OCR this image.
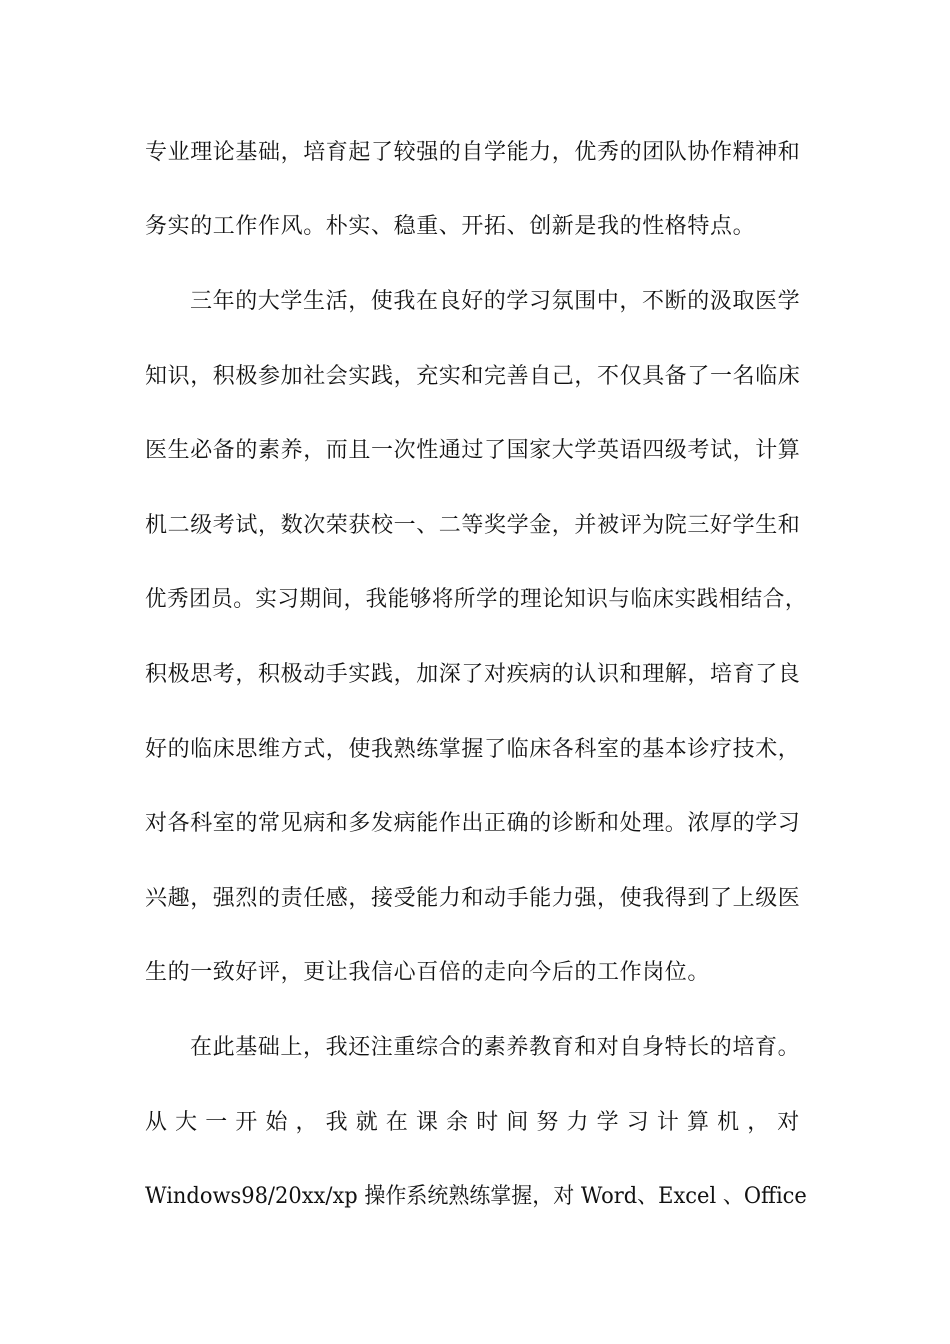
专业理论基础，培育起了较强的自学能力，优秀的团队协作精神和
务实的工作作风。朴实、稳重、开拓、创新是我的性格特点。
三年的大学生活，使我在良好的学习氛围中，不断的汲取医学
知识，积极参加社会实践，充实和完善自己，不仅具备了一名临床
医生必备的素养，而且一次性通过了国家大学英语四级考试，计算
机二级考试，数次荣获校一、二等奖学金，并被评为院三好学生和
优秀团员。实习期间，我能够将所学的理论知识与临床实践相结合，
积极思考，积极动手实践，加深了对疾病的认识和理解，培育了良
好的临床思维方式，使我熟练掌握了临床各科室的基本诊疗技术，
对各科室的常见病和多发病能作出正确的诊断和处理。浓厚的学习
兴趣，强烈的责任感，接受能力和动手能力强，使我得到了上级医
生的一致好评，更让我信心百倍的走向今后的工作岗位。
在此基础上，我还注重综合的素养教育和对自身特长的培育。
从大一开始，我就在课余时间努力学习计算机，对
Windows98/20xx/xp 操作系统熟练掌握，对 Word、Excel 、Office
